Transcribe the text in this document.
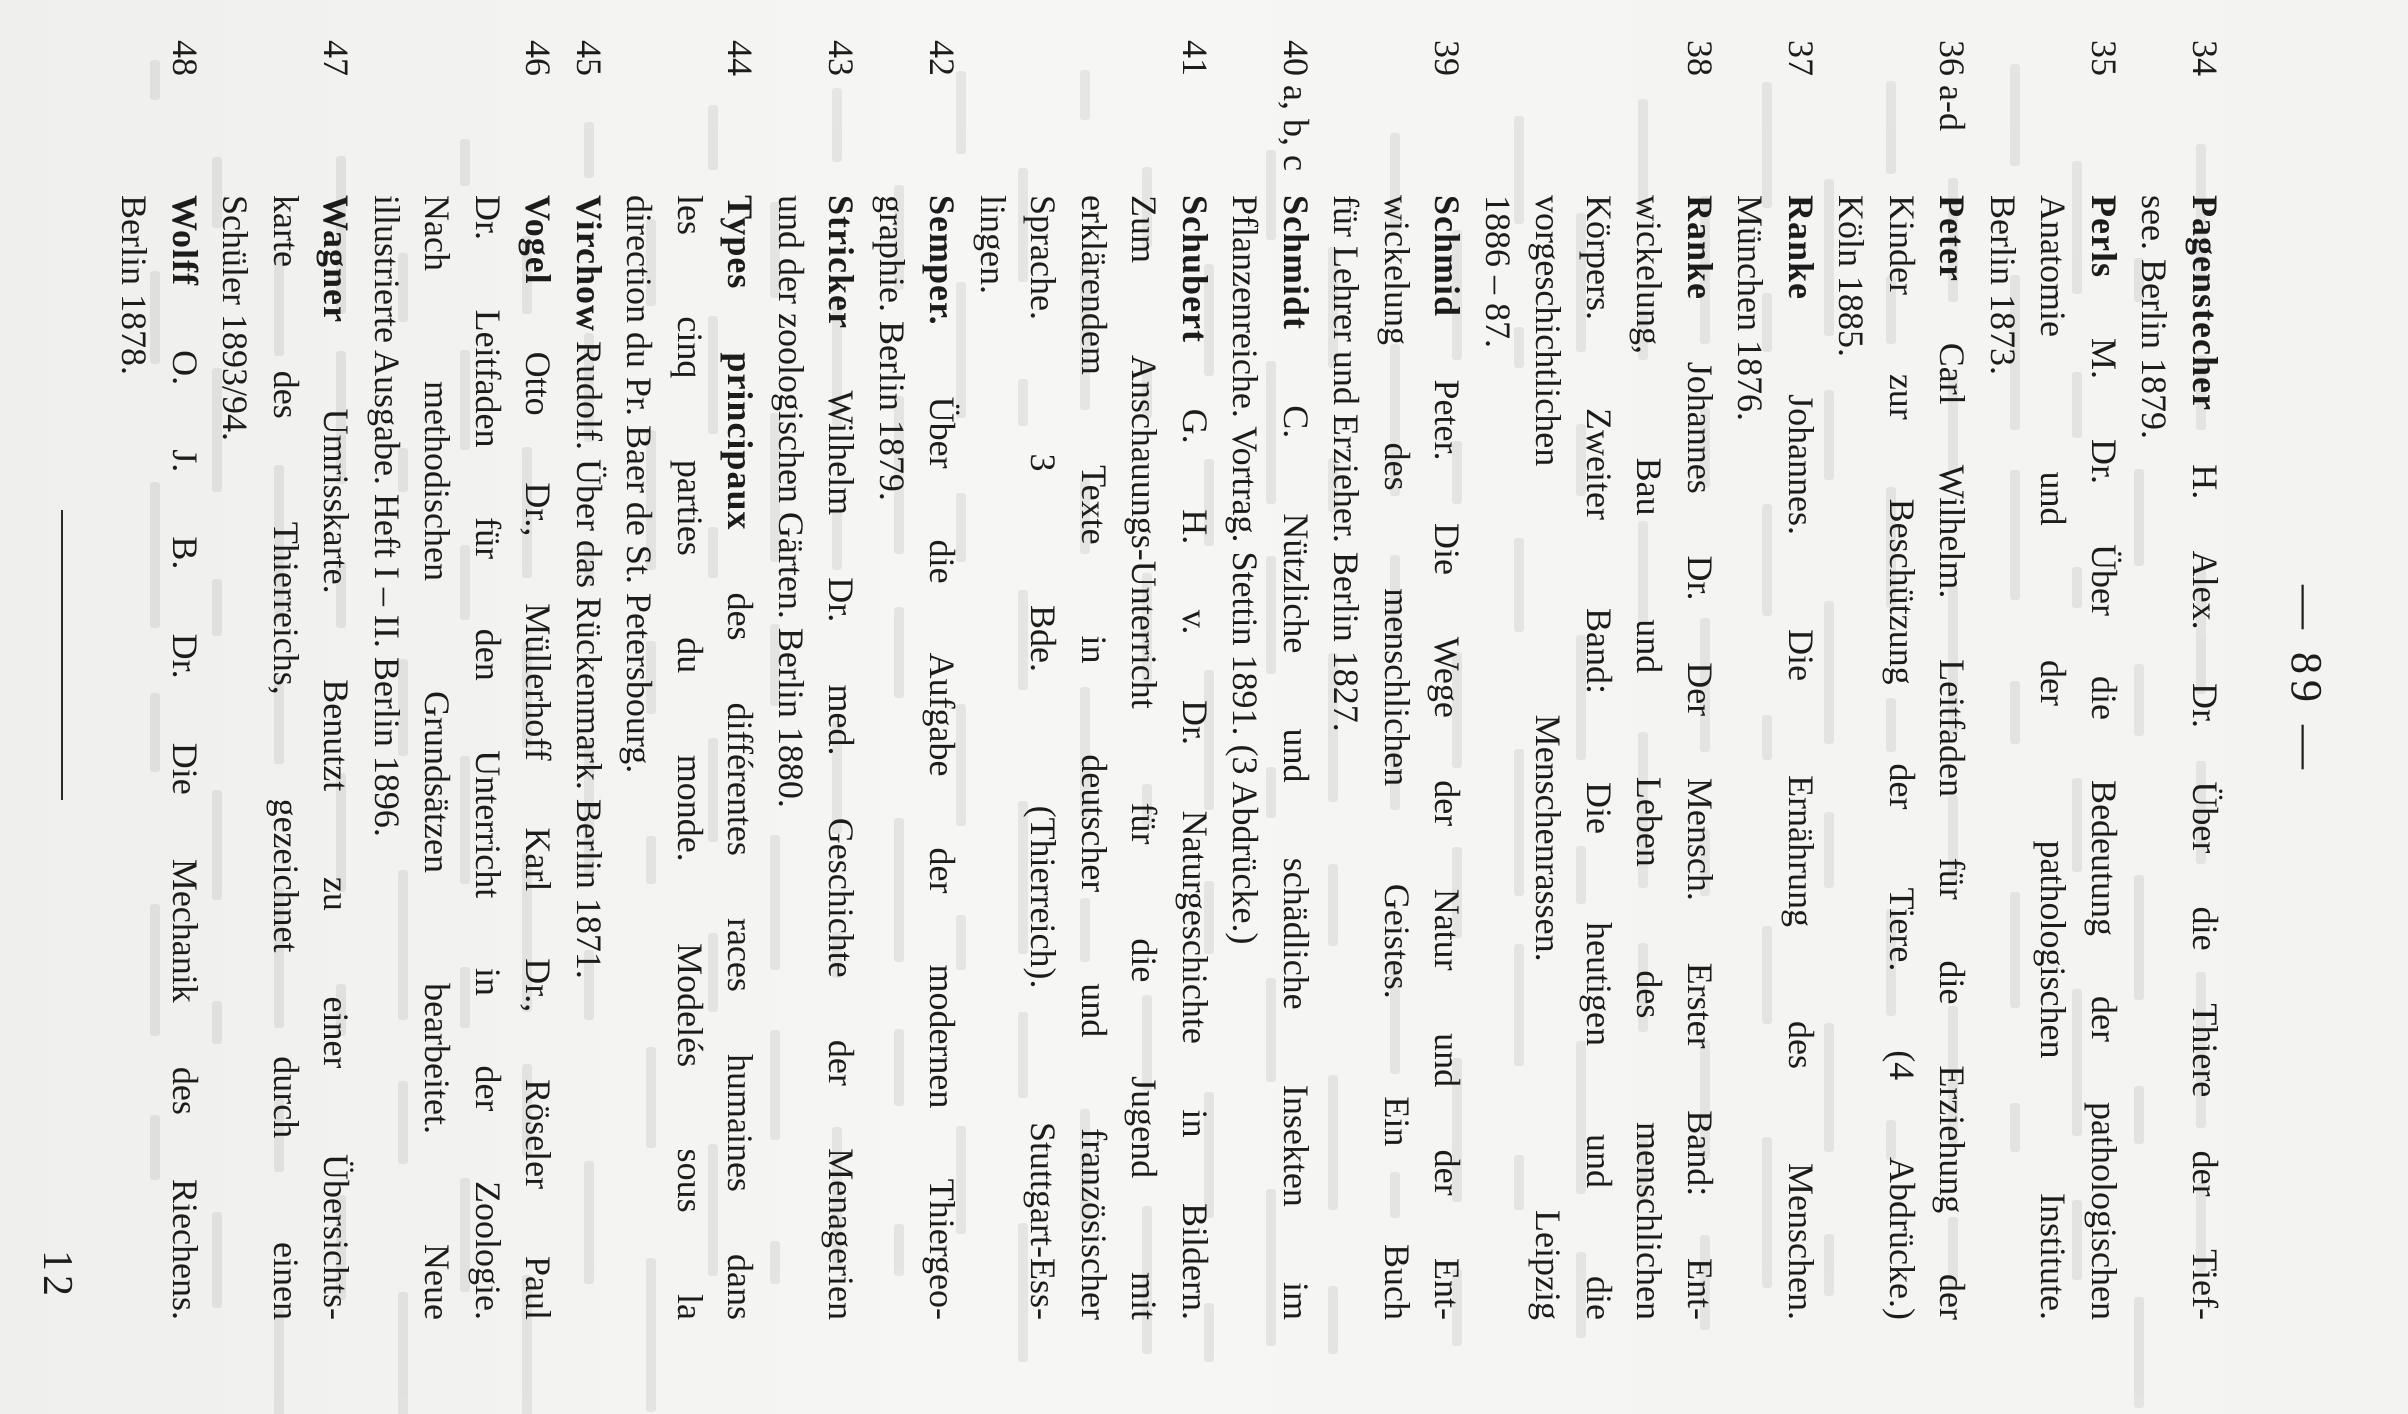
— 89 —
34
Pagenstecher H. Alex. Dr. Über die Thiere der Tief-
see. Berlin 1879.
35
Perls M. Dr. Über die Bedeutung der pathologischen
Anatomie und der pathologischen Institute.
Berlin 1873.
36 a-d
Peter Carl Wilhelm. Leitfaden für die Erziehung der
Kinder zur Beschützung der Tiere. (4 Abdrücke.)
Köln 1885.
37
Ranke Johannes. Die Ernährung des Menschen.
München 1876.
38
Ranke Johannes Dr. Der Mensch. Erster Band: Ent-
wickelung, Bau und Leben des menschlichen
Körpers. Zweiter Band: Die heutigen und die
vorgeschichtlichen Menschenrassen. Leipzig
1886 – 87.
39
Schmid Peter. Die Wege der Natur und der Ent-
wickelung des menschlichen Geistes. Ein Buch
für Lehrer und Erzieher. Berlin 1827.
40 a, b, c
Schmidt C. Nützliche und schädliche Insekten im
Pflanzenreiche. Vortrag. Stettin 1891. (3 Abdrücke.)
41
Schubert G. H. v. Dr. Naturgeschichte in Bildern.
Zum Anschauungs-Unterricht für die Jugend mit
erklärendem Texte in deutscher und französischer
Sprache. 3 Bde. (Thierreich). Stuttgart-Ess-
lingen.
42
Semper. Über die Aufgabe der modernen Thiergeo-
graphie. Berlin 1879.
43
Stricker Wilhelm Dr. med. Geschichte der Menagerien
und der zoologischen Gärten. Berlin 1880.
44
Types principaux des différentes races humaines dans
les cinq parties du monde. Modelés sous la
direction du Pr. Baer de St. Petersbourg.
45
Virchow Rudolf. Über das Rückenmark. Berlin 1871.
46
Vogel Otto Dr., Müllerhoff Karl Dr., Röseler Paul
Dr. Leitfaden für den Unterricht in der Zoologie.
Nach methodischen Grundsätzen bearbeitet. Neue
illustrierte Ausgabe. Heft I – II. Berlin 1896.
47
Wagner Umrisskarte. Benutzt zu einer Übersichts-
karte des Thierreichs, gezeichnet durch einen
Schüler 1893/94.
48
Wolff O. J. B. Dr. Die Mechanik des Riechens.
Berlin 1878.
12
